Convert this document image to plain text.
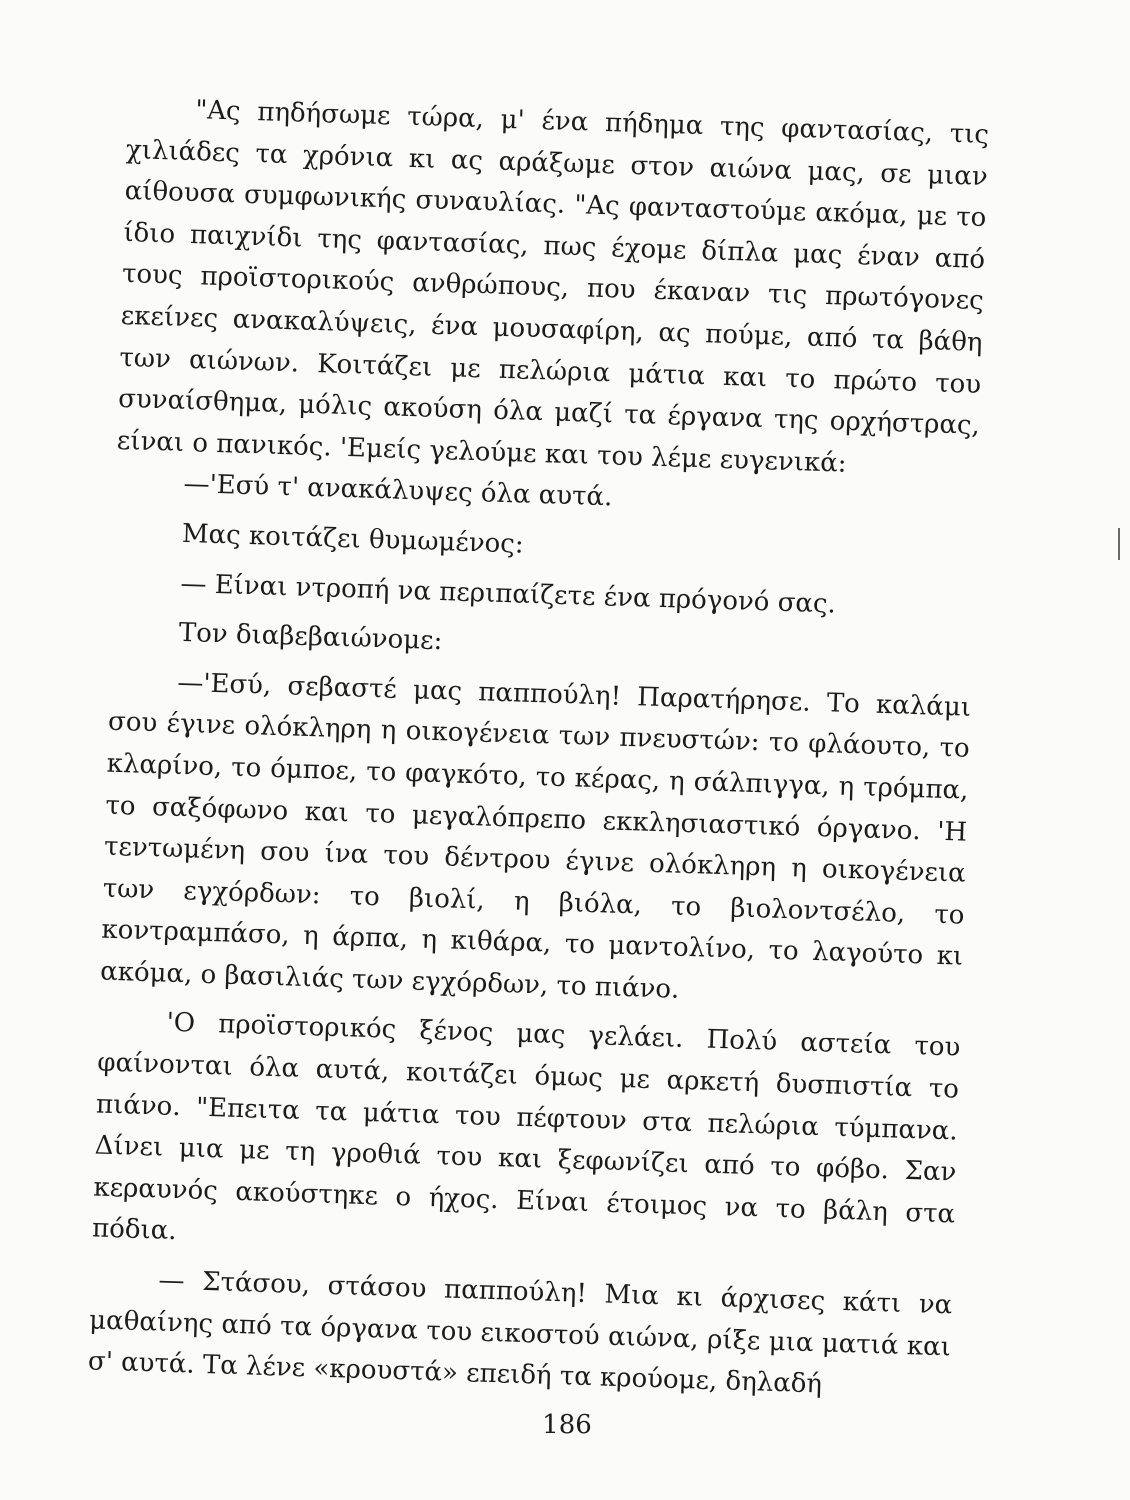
"Ας πηδήσωμε τώρα, μ' ένα πήδημα της φαντασίας, τις χιλιάδες τα χρόνια κι ας αράξωμε στον αιώνα μας, σε μιαν αίθουσα συμφωνικής συναυλίας. "Ας φανταστούμε ακόμα, με το ίδιο παιχνίδι της φαντασίας, πως έχομε δίπλα μας έναν από τους προϊστορικούς ανθρώπους, που έκαναν τις πρωτόγονες εκείνες ανακαλύψεις, ένα μουσαφίρη, ας πούμε, από τα βάθη των αιώνων. Κοιτάζει με πελώρια μάτια και το πρώτο του συναίσθημα, μόλις ακούση όλα μαζί τα έργανα της ορχήστρας, είναι ο πανικός. 'Εμείς γελούμε και του λέμε ευγενικά:

—'Εσύ τ' ανακάλυψες όλα αυτά.

Μας κοιτάζει θυμωμένος:

— Είναι ντροπή να περιπαίζετε ένα πρόγονό σας.

Τον διαβεβαιώνομε:

—'Εσύ, σεβαστέ μας παππούλη! Παρατήρησε. Το καλάμι σου έγινε ολόκληρη η οικογένεια των πνευστών: το φλάουτο, το κλαρίνο, το όμποε, το φαγκότο, το κέρας, η σάλπιγγα, η τρόμπα, το σαξόφωνο και το μεγαλόπρεπο εκκλησιαστικό όργανο. 'Η τεντωμένη σου ίνα του δέντρου έγινε ολόκληρη η οικογένεια των εγχόρδων: το βιολί, η βιόλα, το βιολοντσέλο, το κοντραμπάσο, η άρπα, η κιθάρα, το μαντολίνο, το λαγούτο κι ακόμα, ο βασιλιάς των εγχόρδων, το πιάνο.

'Ο προϊστορικός ξένος μας γελάει. Πολύ αστεία του φαίνονται όλα αυτά, κοιτάζει όμως με αρκετή δυσπιστία το πιάνο. "Επειτα τα μάτια του πέφτουν στα πελώρια τύμπανα. Δίνει μια με τη γροθιά του και ξεφωνίζει από το φόβο. Σαν κεραυνός ακούστηκε ο ήχος. Είναι έτοιμος να το βάλη στα πόδια.

— Στάσου, στάσου παππούλη! Μια κι άρχισες κάτι να μαθαίνης από τα όργανα του εικοστού αιώνα, ρίξε μια ματιά και σ' αυτά. Τα λένε «κρουστά» επειδή τα κρούομε, δηλαδή

186
